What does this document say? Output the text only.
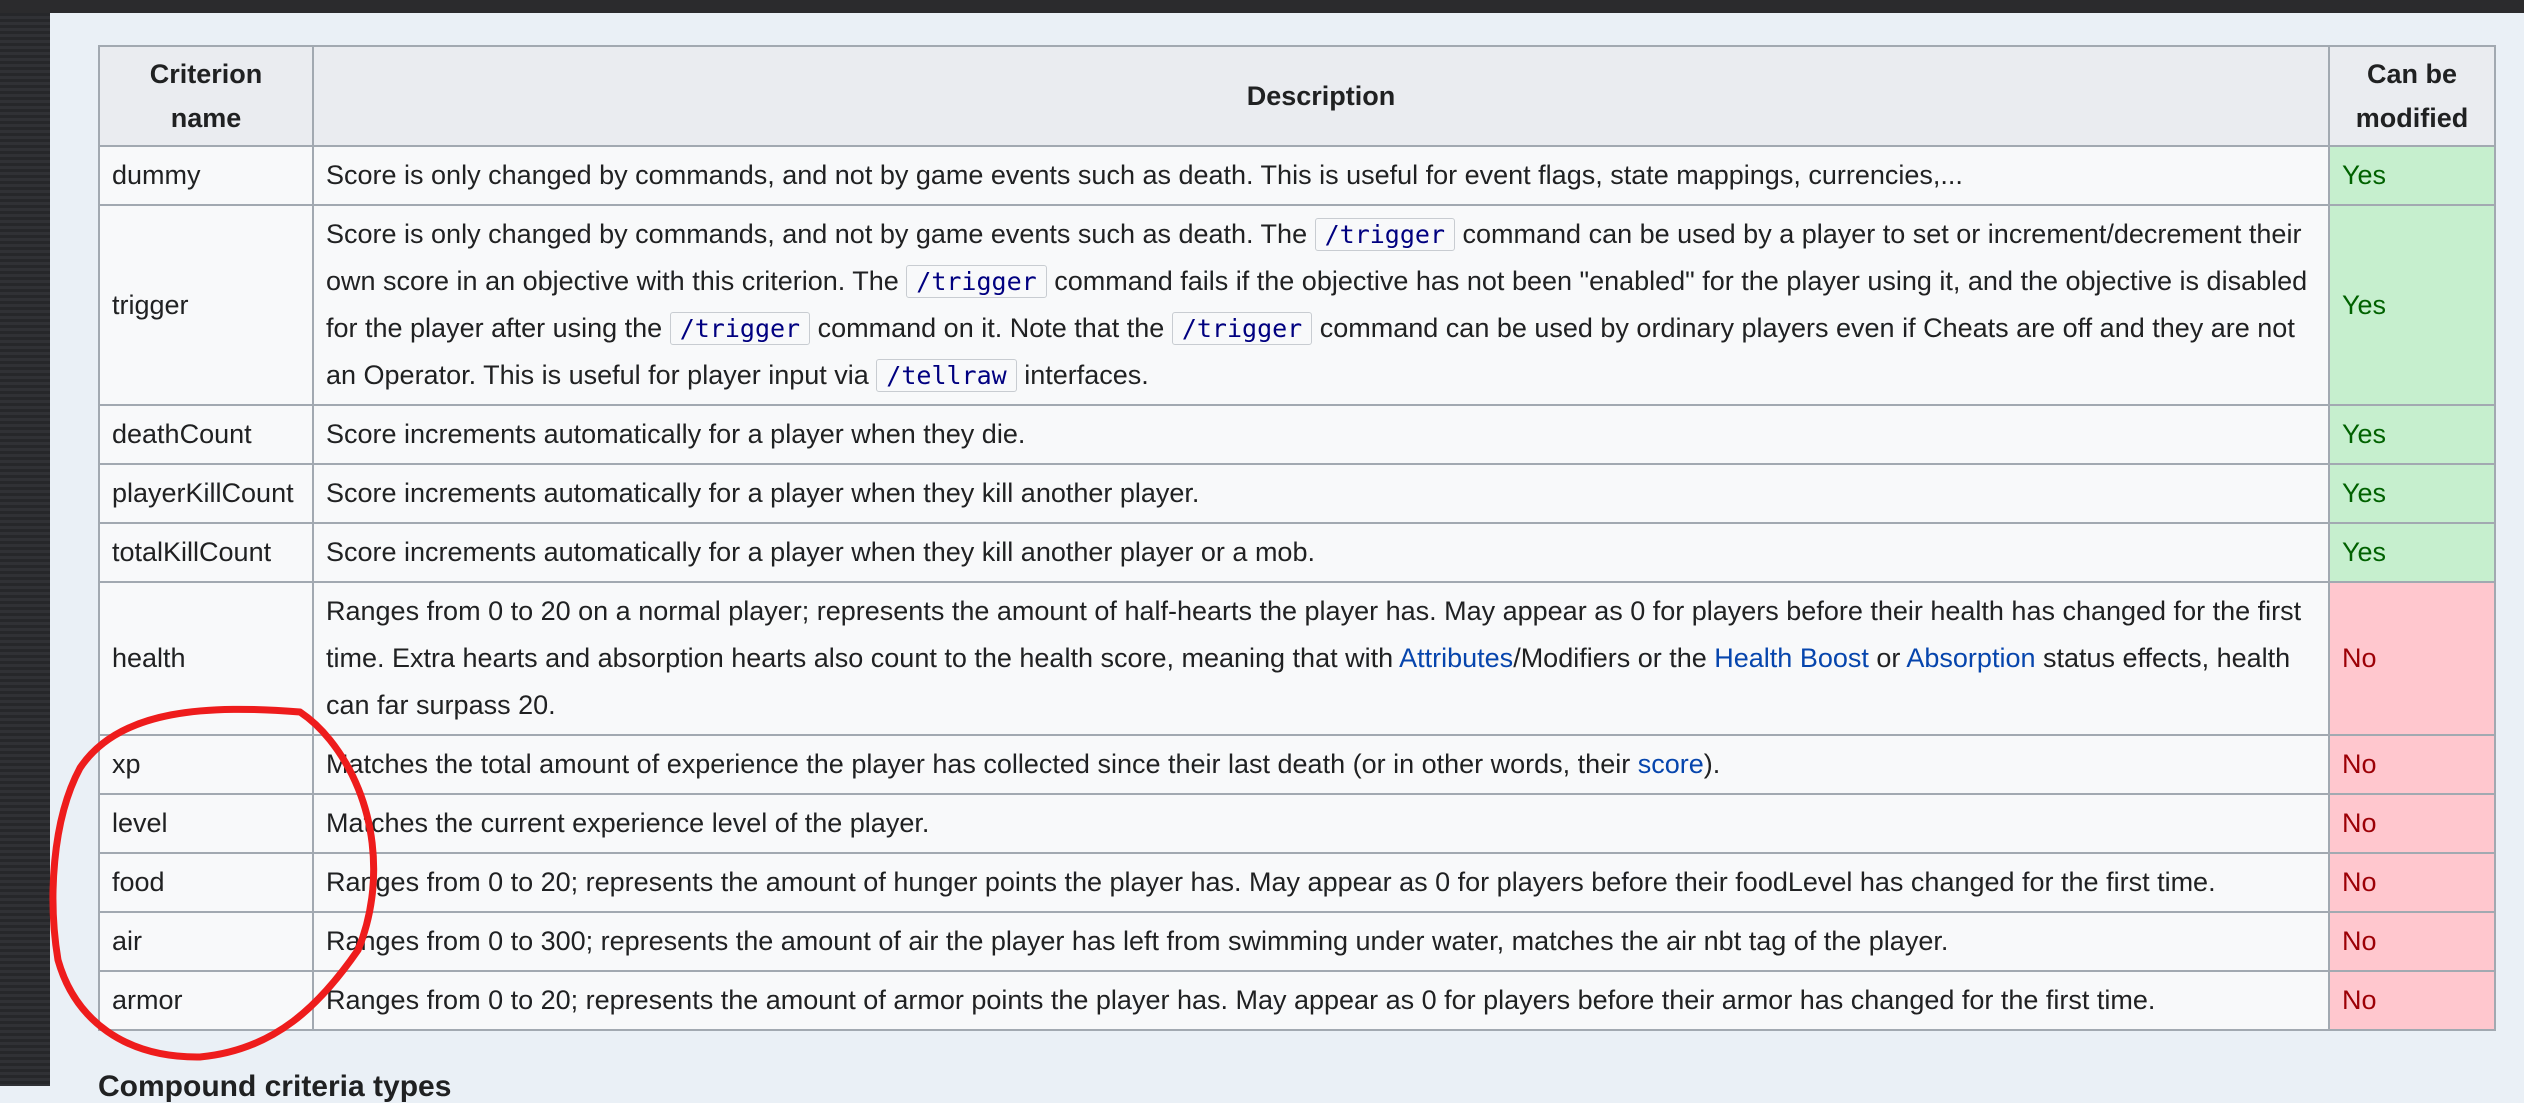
Criterion name	Description	Can be modified
dummy	Score is only changed by commands, and not by game events such as death. This is useful for event flags, state mappings, currencies,...	Yes
trigger	Score is only changed by commands, and not by game events such as death. The /trigger command can be used by a player to set or increment/decrement their own score in an objective with this criterion. The /trigger command fails if the objective has not been "enabled" for the player using it, and the objective is disabled for the player after using the /trigger command on it. Note that the /trigger command can be used by ordinary players even if Cheats are off and they are not an Operator. This is useful for player input via /tellraw interfaces.	Yes
deathCount	Score increments automatically for a player when they die.	Yes
playerKillCount	Score increments automatically for a player when they kill another player.	Yes
totalKillCount	Score increments automatically for a player when they kill another player or a mob.	Yes
health	Ranges from 0 to 20 on a normal player; represents the amount of half-hearts the player has. May appear as 0 for players before their health has changed for the first time. Extra hearts and absorption hearts also count to the health score, meaning that with Attributes/Modifiers or the Health Boost or Absorption status effects, health can far surpass 20.	No
xp	Matches the total amount of experience the player has collected since their last death (or in other words, their score).	No
level	Matches the current experience level of the player.	No
food	Ranges from 0 to 20; represents the amount of hunger points the player has. May appear as 0 for players before their foodLevel has changed for the first time.	No
air	Ranges from 0 to 300; represents the amount of air the player has left from swimming under water, matches the air nbt tag of the player.	No
armor	Ranges from 0 to 20; represents the amount of armor points the player has. May appear as 0 for players before their armor has changed for the first time.	No
Compound criteria types
